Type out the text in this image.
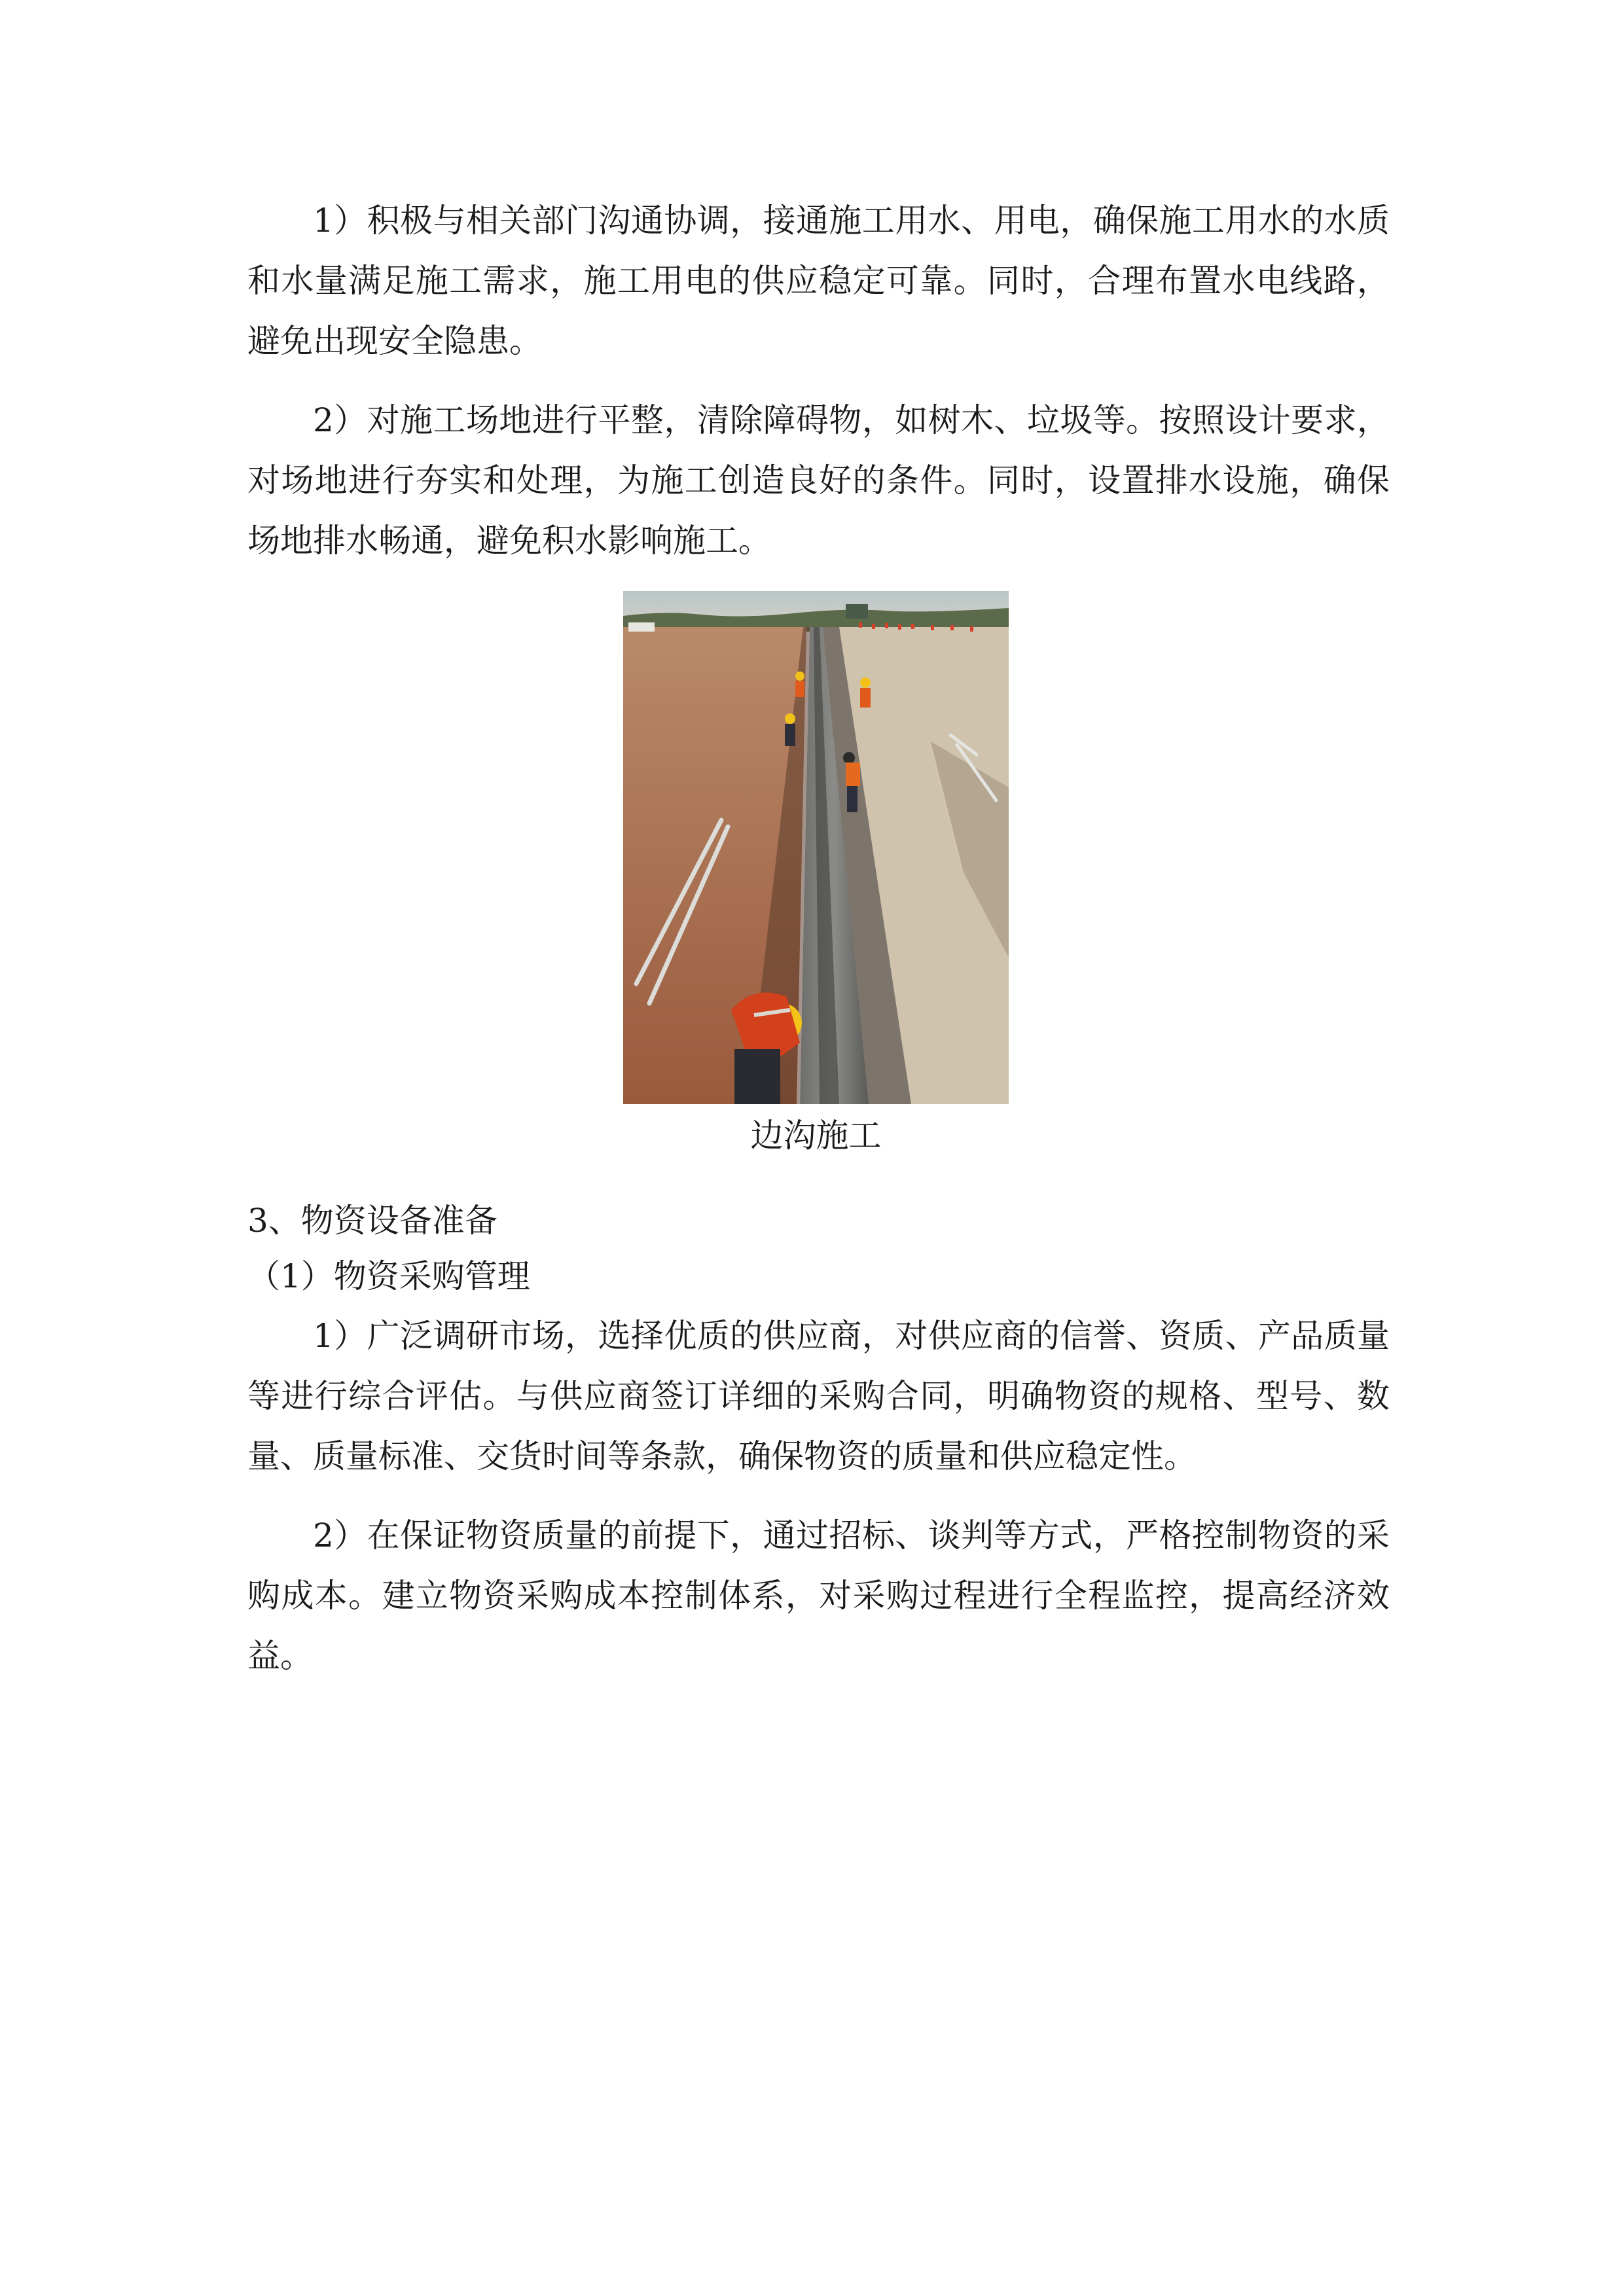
1）积极与相关部门沟通协调，接通施工用水、用电，确保施工用水的水质和水量满足施工需求，施工用电的供应稳定可靠。同时，合理布置水电线路，避免出现安全隐患。

2）对施工场地进行平整，清除障碍物，如树木、垃圾等。按照设计要求，对场地进行夯实和处理，为施工创造良好的条件。同时，设置排水设施，确保场地排水畅通，避免积水影响施工。

边沟施工

3、物资设备准备

（1）物资采购管理

1）广泛调研市场，选择优质的供应商，对供应商的信誉、资质、产品质量等进行综合评估。与供应商签订详细的采购合同，明确物资的规格、型号、数量、质量标准、交货时间等条款，确保物资的质量和供应稳定性。

2）在保证物资质量的前提下，通过招标、谈判等方式，严格控制物资的采购成本。建立物资采购成本控制体系，对采购过程进行全程监控，提高经济效益。
